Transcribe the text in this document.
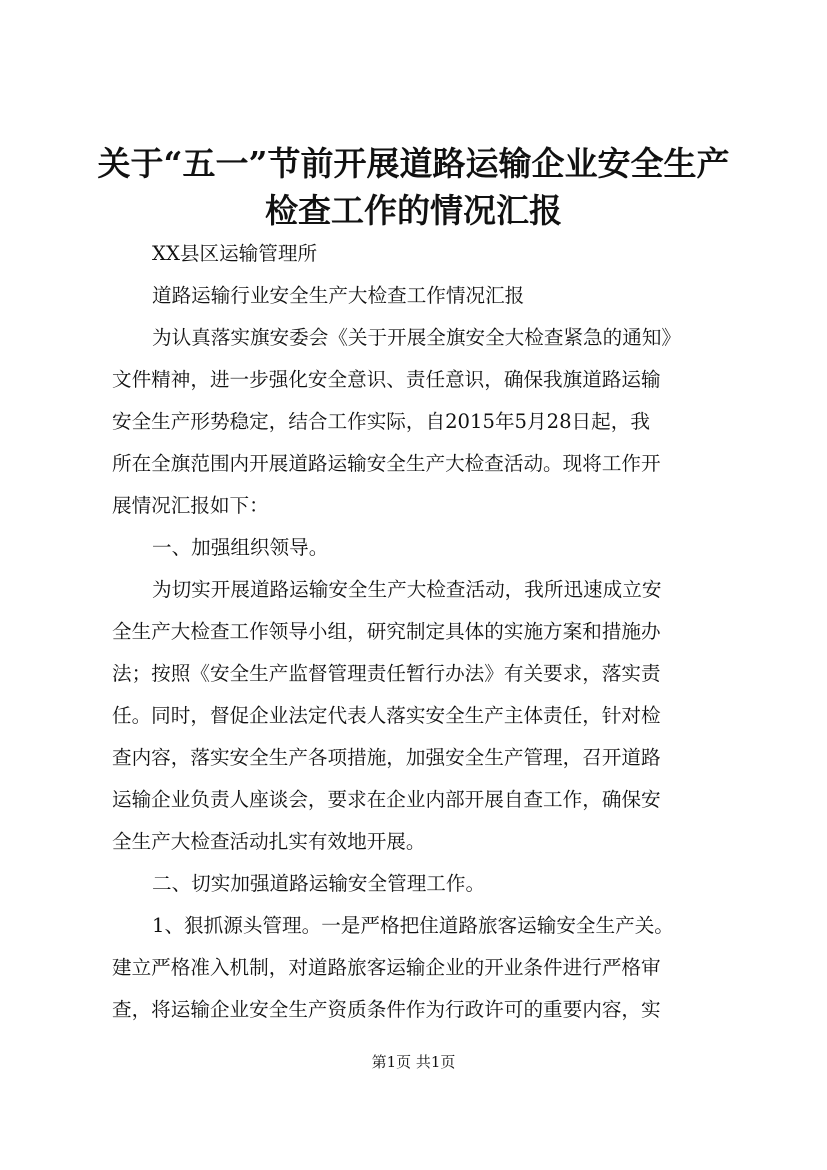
关于“五一”节前开展道路运输企业安全生产
检查工作的情况汇报
XX县区运输管理所
道路运输行业安全生产大检查工作情况汇报
为认真落实旗安委会《关于开展全旗安全大检查紧急的通知》
文件精神，进一步强化安全意识、责任意识，确保我旗道路运输
安全生产形势稳定，结合工作实际，自2015年5月28日起，我
所在全旗范围内开展道路运输安全生产大检查活动。现将工作开
展情况汇报如下：
一、加强组织领导。
为切实开展道路运输安全生产大检查活动，我所迅速成立安
全生产大检查工作领导小组，研究制定具体的实施方案和措施办
法；按照《安全生产监督管理责任暂行办法》有关要求，落实责
任。同时，督促企业法定代表人落实安全生产主体责任，针对检
查内容，落实安全生产各项措施，加强安全生产管理，召开道路
运输企业负责人座谈会，要求在企业内部开展自查工作，确保安
全生产大检查活动扎实有效地开展。
二、切实加强道路运输安全管理工作。
1、狠抓源头管理。一是严格把住道路旅客运输安全生产关。
建立严格准入机制，对道路旅客运输企业的开业条件进行严格审
查，将运输企业安全生产资质条件作为行政许可的重要内容，实
第1页 共1页
